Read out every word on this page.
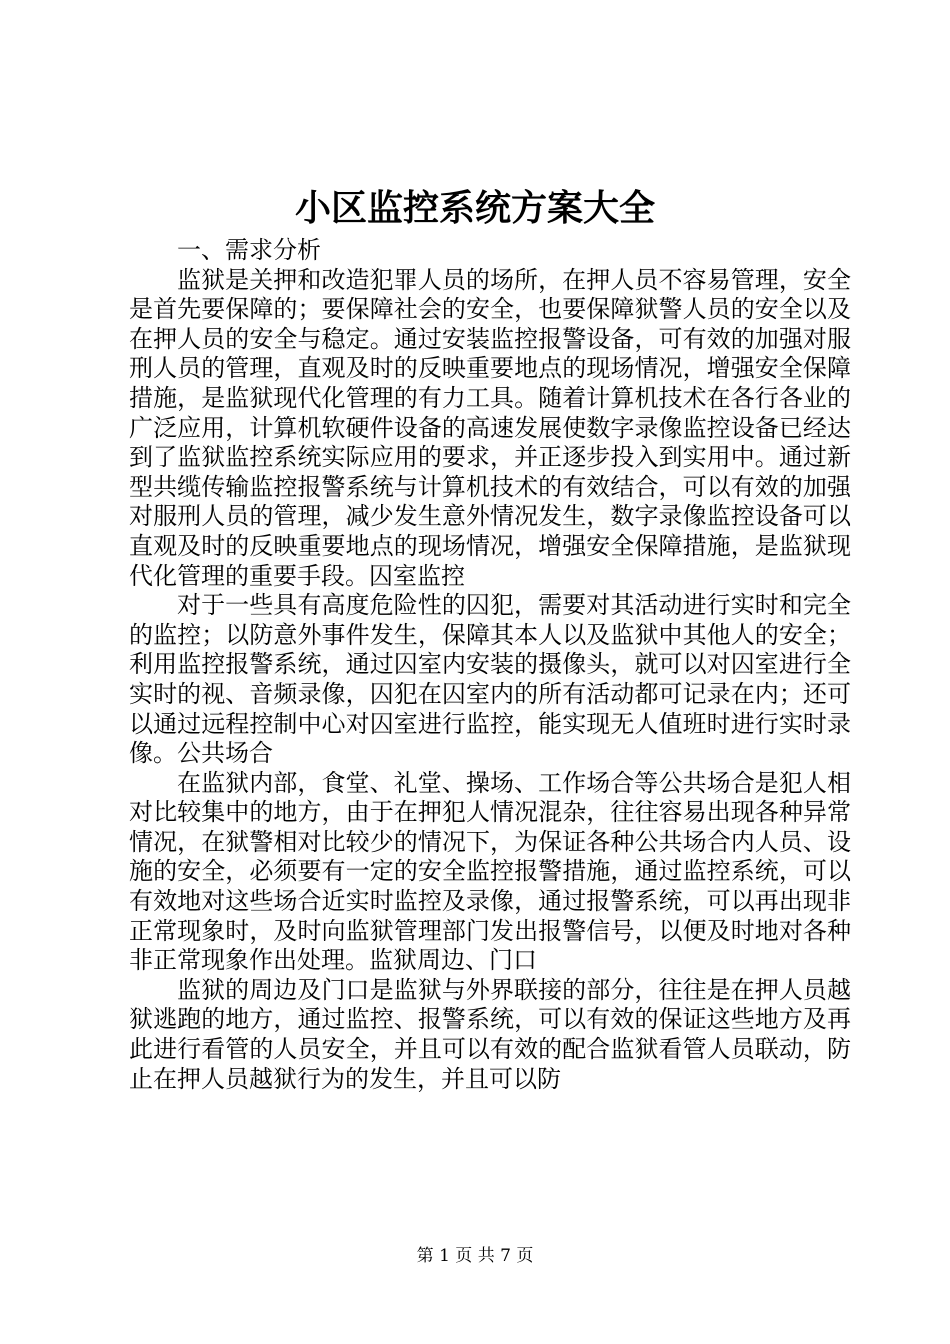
小区监控系统方案大全

一、需求分析

监狱是关押和改造犯罪人员的场所，在押人员不容易管理，安全是首先要保障的；要保障社会的安全，也要保障狱警人员的安全以及在押人员的安全与稳定。通过安装监控报警设备，可有效的加强对服刑人员的管理，直观及时的反映重要地点的现场情况，增强安全保障措施，是监狱现代化管理的有力工具。随着计算机技术在各行各业的广泛应用，计算机软硬件设备的高速发展使数字录像监控设备已经达到了监狱监控系统实际应用的要求，并正逐步投入到实用中。通过新型共缆传输监控报警系统与计算机技术的有效结合，可以有效的加强对服刑人员的管理，减少发生意外情况发生，数字录像监控设备可以直观及时的反映重要地点的现场情况，增强安全保障措施，是监狱现代化管理的重要手段。囚室监控

对于一些具有高度危险性的囚犯，需要对其活动进行实时和完全的监控；以防意外事件发生，保障其本人以及监狱中其他人的安全；利用监控报警系统，通过囚室内安装的摄像头，就可以对囚室进行全实时的视、音频录像，囚犯在囚室内的所有活动都可记录在内；还可以通过远程控制中心对囚室进行监控，能实现无人值班时进行实时录像。公共场合

在监狱内部，食堂、礼堂、操场、工作场合等公共场合是犯人相对比较集中的地方，由于在押犯人情况混杂，往往容易出现各种异常情况，在狱警相对比较少的情况下，为保证各种公共场合内人员、设施的安全，必须要有一定的安全监控报警措施，通过监控系统，可以有效地对这些场合近实时监控及录像，通过报警系统，可以再出现非正常现象时，及时向监狱管理部门发出报警信号，以便及时地对各种非正常现象作出处理。监狱周边、门口

监狱的周边及门口是监狱与外界联接的部分，往往是在押人员越狱逃跑的地方，通过监控、报警系统，可以有效的保证这些地方及再此进行看管的人员安全，并且可以有效的配合监狱看管人员联动，防止在押人员越狱行为的发生，并且可以防

第 1 页 共 7 页
